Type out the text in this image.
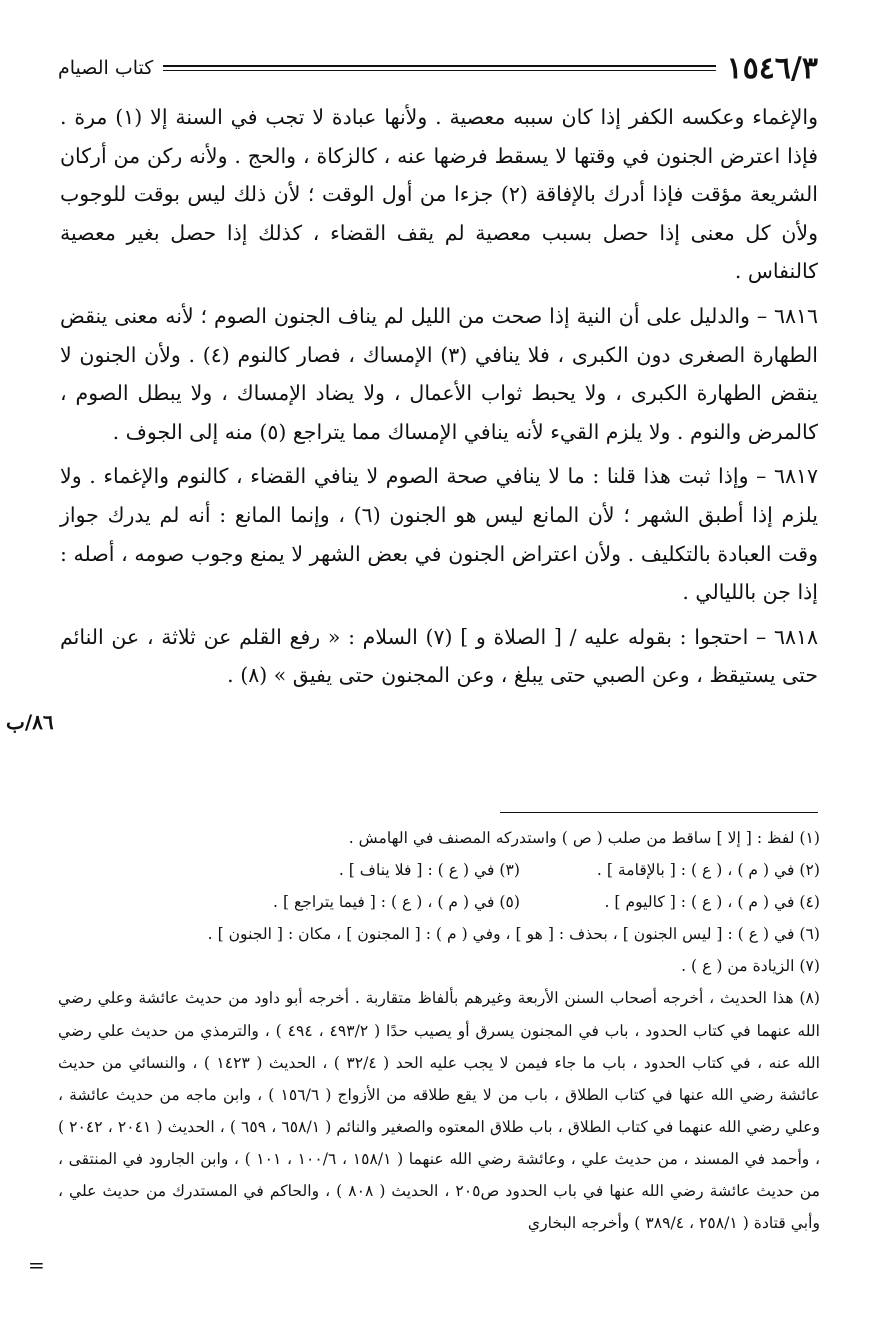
١٥٤٦/٣
كتاب الصيام

والإغماء وعكسه الكفر إذا كان سببه معصية . ولأنها عبادة لا تجب في السنة إلا (١) مرة . فإذا اعترض الجنون في وقتها لا يسقط فرضها عنه ، كالزكاة ، والحج . ولأنه ركن من أركان الشريعة مؤقت فإذا أدرك بالإفاقة (٢) جزءا من أول الوقت ؛ لأن ذلك ليس بوقت للوجوب ولأن كل معنى إذا حصل بسبب معصية لم يقف القضاء ، كذلك إذا حصل بغير معصية كالنفاس .

٦٨١٦ – والدليل على أن النية إذا صحت من الليل لم يناف الجنون الصوم ؛ لأنه معنى ينقض الطهارة الصغرى دون الكبرى ، فلا ينافي (٣) الإمساك ، فصار كالنوم (٤) . ولأن الجنون لا ينقض الطهارة الكبرى ، ولا يحبط ثواب الأعمال ، ولا يضاد الإمساك ، ولا يبطل الصوم ، كالمرض والنوم . ولا يلزم القيء لأنه ينافي الإمساك مما يتراجع (٥) منه إلى الجوف .

٦٨١٧ – وإذا ثبت هذا قلنا : ما لا ينافي صحة الصوم لا ينافي القضاء ، كالنوم والإغماء . ولا يلزم إذا أطبق الشهر ؛ لأن المانع ليس هو الجنون (٦) ، وإنما المانع : أنه لم يدرك جواز وقت العبادة بالتكليف . ولأن اعتراض الجنون في بعض الشهر لا يمنع وجوب صومه ، أصله : إذا جن بالليالي .

٦٨١٨ – احتجوا : بقوله عليه / [ الصلاة و ] (٧) السلام : « رفع القلم عن ثلاثة ، عن النائم حتى يستيقظ ، وعن الصبي حتى يبلغ ، وعن المجنون حتى يفيق » (٨) .

٨٦/ب

(١) لفظ : [ إلا ] ساقط من صلب ( ص ) واستدركه المصنف في الهامش .

(٢) في ( م ) ، ( ع ) : [ بالإقامة ] .
(٣) في ( ع ) : [ فلا يناف ] .
(٤) في ( م ) ، ( ع ) : [ كاليوم ] .
(٥) في ( م ) ، ( ع ) : [ فيما يتراجع ] .

(٦) في ( ع ) : [ ليس الجنون ] ، بحذف : [ هو ] ، وفي ( م ) : [ المجنون ] ، مكان : [ الجنون ] .

(٧) الزيادة من ( ع ) .

(٨) هذا الحديث ، أخرجه أصحاب السنن الأربعة وغيرهم بألفاظ متقاربة . أخرجه أبو داود من حديث عائشة وعلي رضي الله عنهما في كتاب الحدود ، باب في المجنون يسرق أو يصيب حدًا ( ٤٩٣/٢ ، ٤٩٤ ) ، والترمذي من حديث علي رضي الله عنه ، في كتاب الحدود ، باب ما جاء فيمن لا يجب عليه الحد ( ٣٢/٤ ) ، الحديث ( ١٤٢٣ ) ، والنسائي من حديث عائشة رضي الله عنها في كتاب الطلاق ، باب من لا يقع طلاقه من الأزواج ( ١٥٦/٦ ) ، وابن ماجه من حديث عائشة ، وعلي رضي الله عنهما في كتاب الطلاق ، باب طلاق المعتوه والصغير والنائم ( ٦٥٨/١ ، ٦٥٩ ) ، الحديث ( ٢٠٤١ ، ٢٠٤٢ ) ، وأحمد في المسند ، من حديث علي ، وعائشة رضي الله عنهما ( ١٥٨/١ ، ١٠٠/٦ ، ١٠١ ) ، وابن الجارود في المنتقى ، من حديث عائشة رضي الله عنها في باب الحدود ص٢٠٥ ، الحديث ( ٨٠٨ ) ، والحاكم في المستدرك من حديث علي ، وأبي قتادة ( ٢٥٨/١ ، ٣٨٩/٤ ) وأخرجه البخاري

=
